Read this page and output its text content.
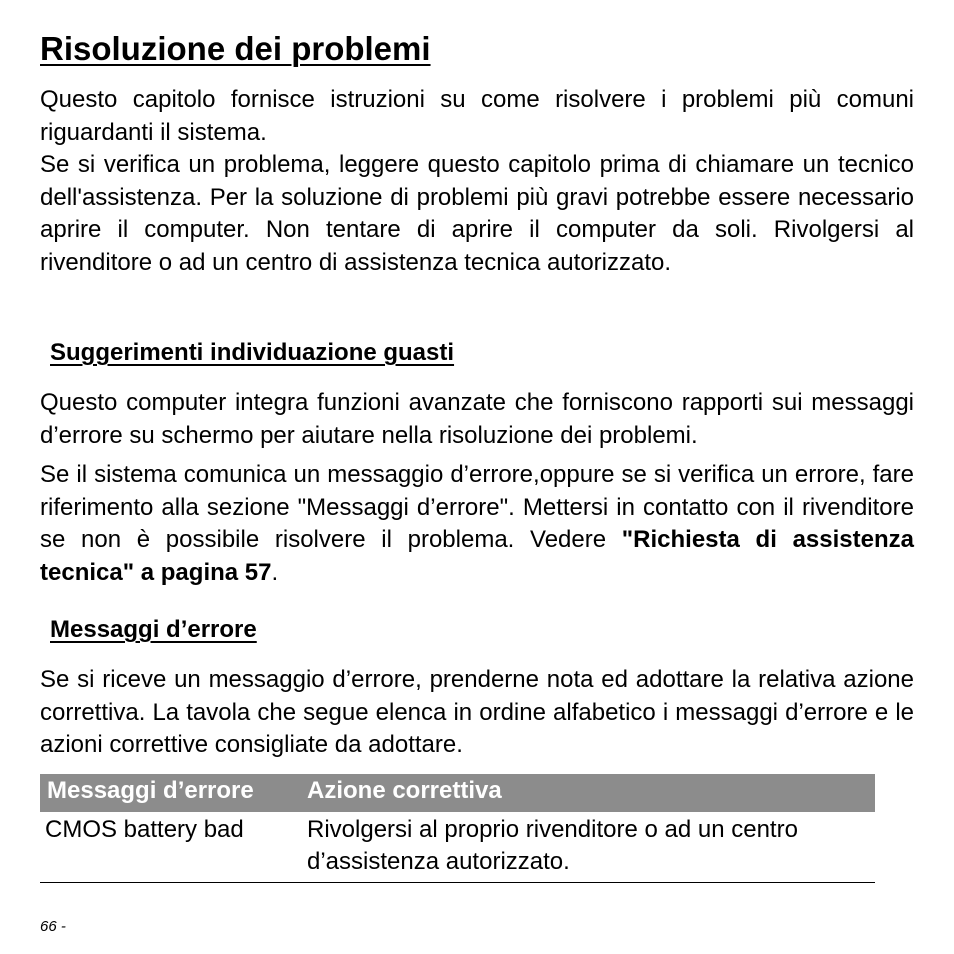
Risoluzione dei problemi

Questo capitolo fornisce istruzioni su come risolvere i problemi più comuni riguardanti il sistema.

Se si verifica un problema, leggere questo capitolo prima di chiamare un tecnico dell'assistenza. Per la soluzione di problemi più gravi potrebbe essere necessario aprire il computer. Non tentare di aprire il computer da soli. Rivolgersi al rivenditore o ad un centro di assistenza tecnica autorizzato.

Suggerimenti individuazione guasti

Questo computer integra funzioni avanzate che forniscono rapporti sui messaggi d’errore su schermo per aiutare nella risoluzione dei problemi.

Se il sistema comunica un messaggio d’errore,oppure se si verifica un errore, fare riferimento alla sezione "Messaggi d’errore". Mettersi in contatto con il rivenditore se non è possibile risolvere il problema. Vedere "Richiesta di assistenza tecnica" a pagina 57.

Messaggi d’errore

Se si riceve un messaggio d’errore, prenderne nota ed adottare la relativa azione correttiva. La tavola che segue elenca in ordine alfabetico i messaggi d’errore e le azioni correttive consigliate da adottare.

Messaggi d’errore Azione correttiva
CMOS battery bad	Rivolgersi al proprio rivenditore o ad un centro d’assistenza autorizzato.
66 -
